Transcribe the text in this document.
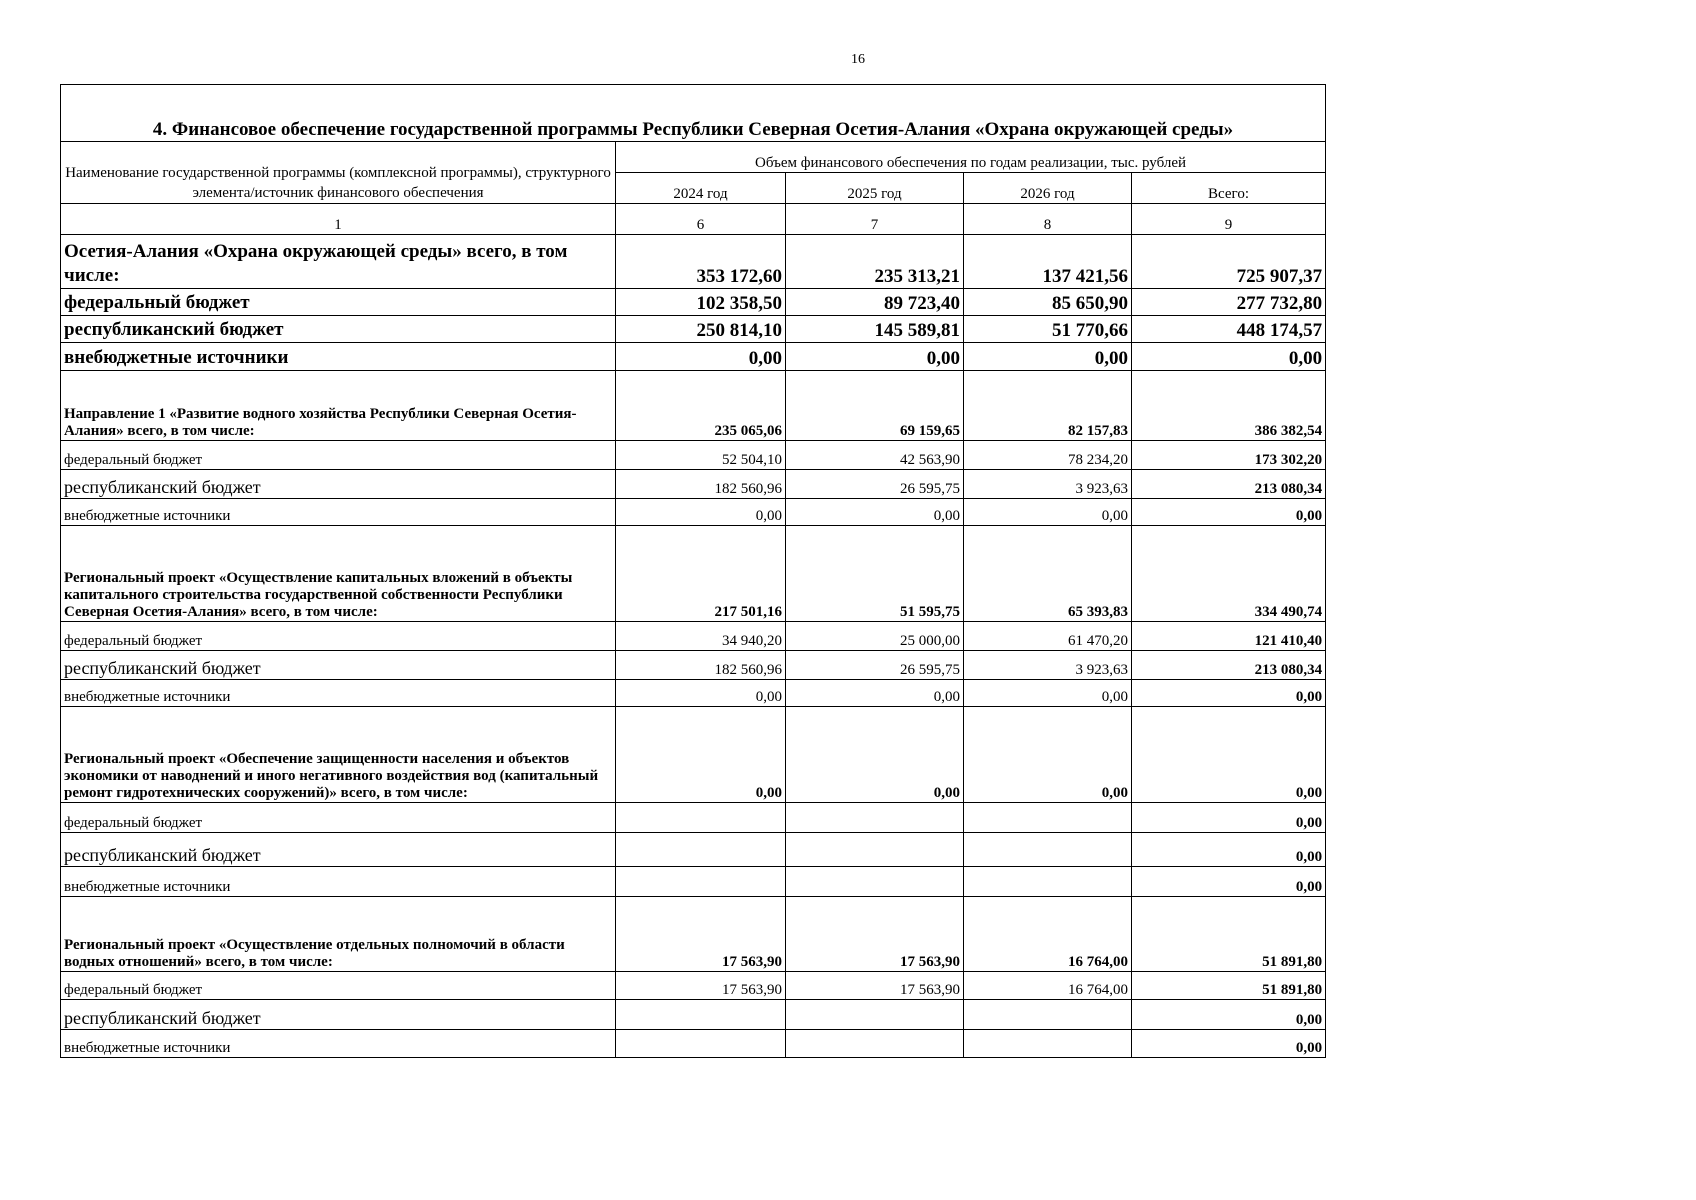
16
4. Финансовое обеспечение государственной программы Республики Северная Осетия-Алания «Охрана окружающей среды»				
Наименование государственной программы (комплексной программы), структурного элемента/источник финансового обеспечения	Объем финансового обеспечения по годам реализации, тыс. рублей			
	2024 год	2025 год	2026 год	Всего:
1	6	7	8	9
Осетия-Алания «Охрана окружающей среды» всего, в том числе:	353 172,60	235 313,21	137 421,56	725 907,37
федеральный бюджет	102 358,50	89 723,40	85 650,90	277 732,80
республиканский бюджет	250 814,10	145 589,81	51 770,66	448 174,57
внебюджетные источники	0,00	0,00	0,00	0,00
Направление 1 «Развитие водного хозяйства Республики Северная Осетия-Алания» всего, в том числе:	235 065,06	69 159,65	82 157,83	386 382,54
федеральный бюджет	52 504,10	42 563,90	78 234,20	173 302,20
республиканский бюджет	182 560,96	26 595,75	3 923,63	213 080,34
внебюджетные источники	0,00	0,00	0,00	0,00
Региональный проект «Осуществление капитальных вложений в объекты капитального строительства государственной собственности Республики Северная Осетия-Алания» всего, в том числе:	217 501,16	51 595,75	65 393,83	334 490,74
федеральный бюджет	34 940,20	25 000,00	61 470,20	121 410,40
республиканский бюджет	182 560,96	26 595,75	3 923,63	213 080,34
внебюджетные источники	0,00	0,00	0,00	0,00
Региональный проект «Обеспечение защищенности населения и объектов экономики от наводнений и иного негативного воздействия вод (капитальный ремонт гидротехнических сооружений)» всего, в том числе:	0,00	0,00	0,00	0,00
федеральный бюджет				0,00
республиканский бюджет				0,00
внебюджетные источники				0,00
Региональный проект «Осуществление отдельных полномочий в области водных отношений» всего, в том числе:	17 563,90	17 563,90	16 764,00	51 891,80
федеральный бюджет	17 563,90	17 563,90	16 764,00	51 891,80
республиканский бюджет				0,00
внебюджетные источники				0,00
